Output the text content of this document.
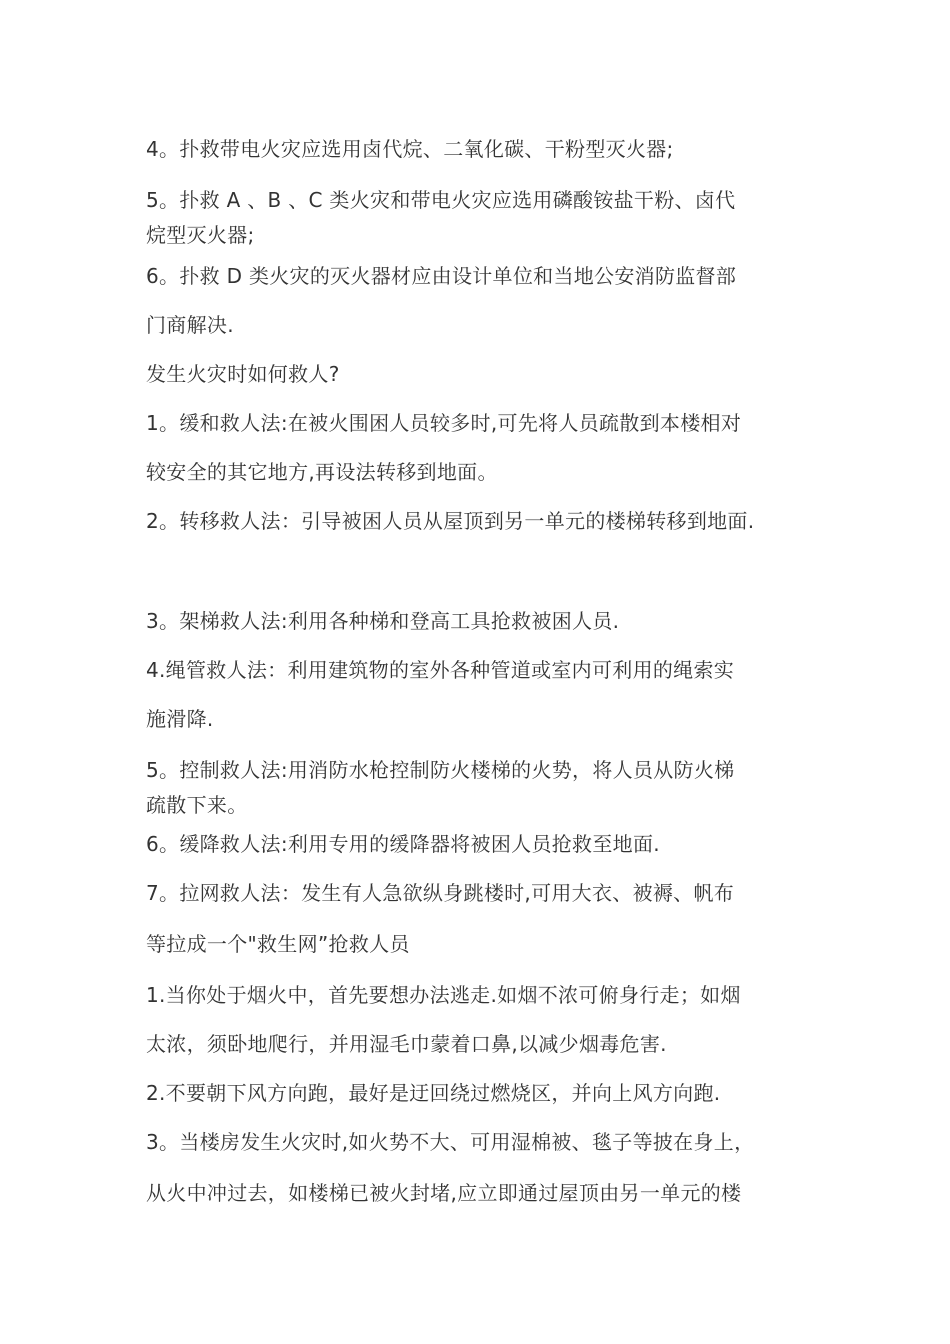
4。扑救带电火灾应选用卤代烷、二氧化碳、干粉型灭火器;
5。扑救 A 、B 、C 类火灾和带电火灾应选用磷酸铵盐干粉、卤代
烷型灭火器;
6。扑救 D 类火灾的灭火器材应由设计单位和当地公安消防监督部
门商解决.
发生火灾时如何救人?
1。缓和救人法:在被火围困人员较多时,可先将人员疏散到本楼相对
较安全的其它地方,再设法转移到地面。
2。转移救人法：引导被困人员从屋顶到另一单元的楼梯转移到地面.
3。架梯救人法:利用各种梯和登高工具抢救被困人员.
4.绳管救人法：利用建筑物的室外各种管道或室内可利用的绳索实
施滑降.
5。控制救人法:用消防水枪控制防火楼梯的火势，将人员从防火梯
疏散下来。
6。缓降救人法:利用专用的缓降器将被困人员抢救至地面.
7。拉网救人法：发生有人急欲纵身跳楼时,可用大衣、被褥、帆布
等拉成一个"救生网”抢救人员
1.当你处于烟火中，首先要想办法逃走.如烟不浓可俯身行走；如烟
太浓，须卧地爬行，并用湿毛巾蒙着口鼻,以减少烟毒危害.
2.不要朝下风方向跑，最好是迂回绕过燃烧区，并向上风方向跑.
3。当楼房发生火灾时,如火势不大、可用湿棉被、毯子等披在身上，
从火中冲过去，如楼梯已被火封堵,应立即通过屋顶由另一单元的楼
